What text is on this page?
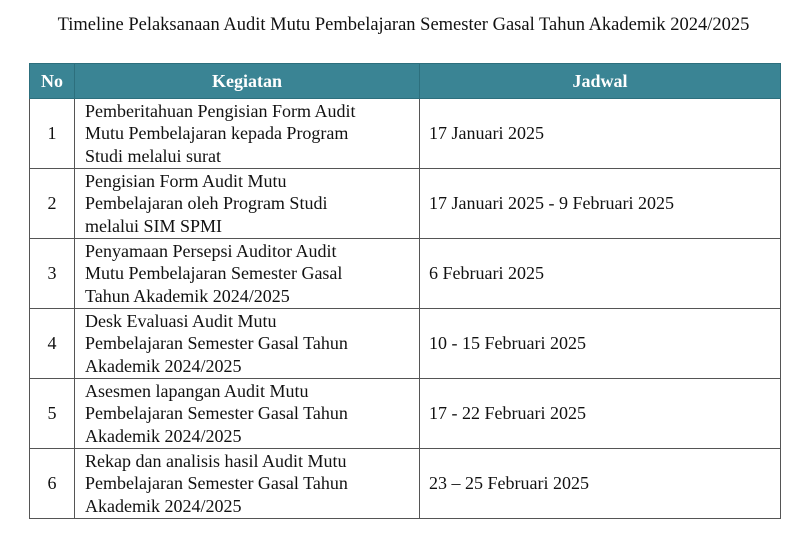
Timeline Pelaksanaan Audit Mutu Pembelajaran Semester Gasal Tahun Akademik 2024/2025
No	Kegiatan	Jadwal
1	Pemberitahuan Pengisian Form Audit
Mutu Pembelajaran kepada Program
Studi melalui surat	17 Januari 2025
2	Pengisian Form Audit Mutu
Pembelajaran oleh Program Studi
melalui SIM SPMI	17 Januari 2025 - 9 Februari 2025
3	Penyamaan Persepsi Auditor Audit
Mutu Pembelajaran Semester Gasal
Tahun Akademik 2024/2025	6 Februari 2025
4	Desk Evaluasi Audit Mutu
Pembelajaran Semester Gasal Tahun
Akademik 2024/2025	10 - 15 Februari 2025
5	Asesmen lapangan Audit Mutu
Pembelajaran Semester Gasal Tahun
Akademik 2024/2025	17 - 22 Februari 2025
6	Rekap dan analisis hasil Audit Mutu
Pembelajaran Semester Gasal Tahun
Akademik 2024/2025	23 – 25 Februari 2025
